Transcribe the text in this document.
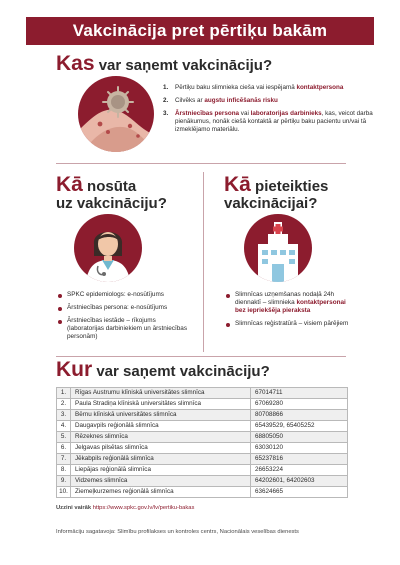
Vakcinācija pret pērtiķu bakām
Kas var saņemt vakcināciju?
1.	Pērtiķu baku slimnieka cieša vai iespējamā kontaktpersona
2.	Cilvēks ar augstu inficēšanās risku
3.	Ārstniecības persona vai laboratorijas darbinieks, kas, veicot darba pienākumus, nonāk ciešā kontaktā ar pērtiķu baku pacientu un/vai tā izmeklējamo materiālu.
Kā nosūta
uz vakcināciju?
SPKC epidemiologs: e-nosūtījums
Ārstniecības persona: e-nosūtījums
Ārstniecības iestāde – rīkojums (laboratorijas darbiniekiem un ārstniecības personām)
Kā pieteikties
vakcinācijai?
Slimnīcas uzņemšanas nodaļā 24h diennaktī – slimnieka kontaktpersonai bez iepriekšēja pieraksta
Slimnīcas reģistratūrā – visiem pārējiem
Kur var saņemt vakcināciju?
1.	Rīgas Austrumu klīniskā universitātes slimnīca	67014711
2.	Paula Stradiņa klīniskā universitātes slimnīca	67069280
3.	Bērnu klīniskā universitātes slimnīca	80708866
4.	Daugavpils reģionālā slimnīca	65439529, 65405252
5.	Rēzeknes slimnīca	68805050
6.	Jelgavas pilsētas slimnīca	63030120
7.	Jēkabpils reģionālā slimnīca	65237816
8.	Liepājas reģionālā slimnīca	26653224
9.	Vidzemes slimnīca	64202601, 64202603
10.	Ziemeļkurzemes reģionālā slimnīca	63624665
Uzzini vairāk https://www.spkc.gov.lv/lv/pertiku-bakas
Informāciju sagatavoja: Slimību profilakses un kontroles centrs, Nacionālais veselības dienests
